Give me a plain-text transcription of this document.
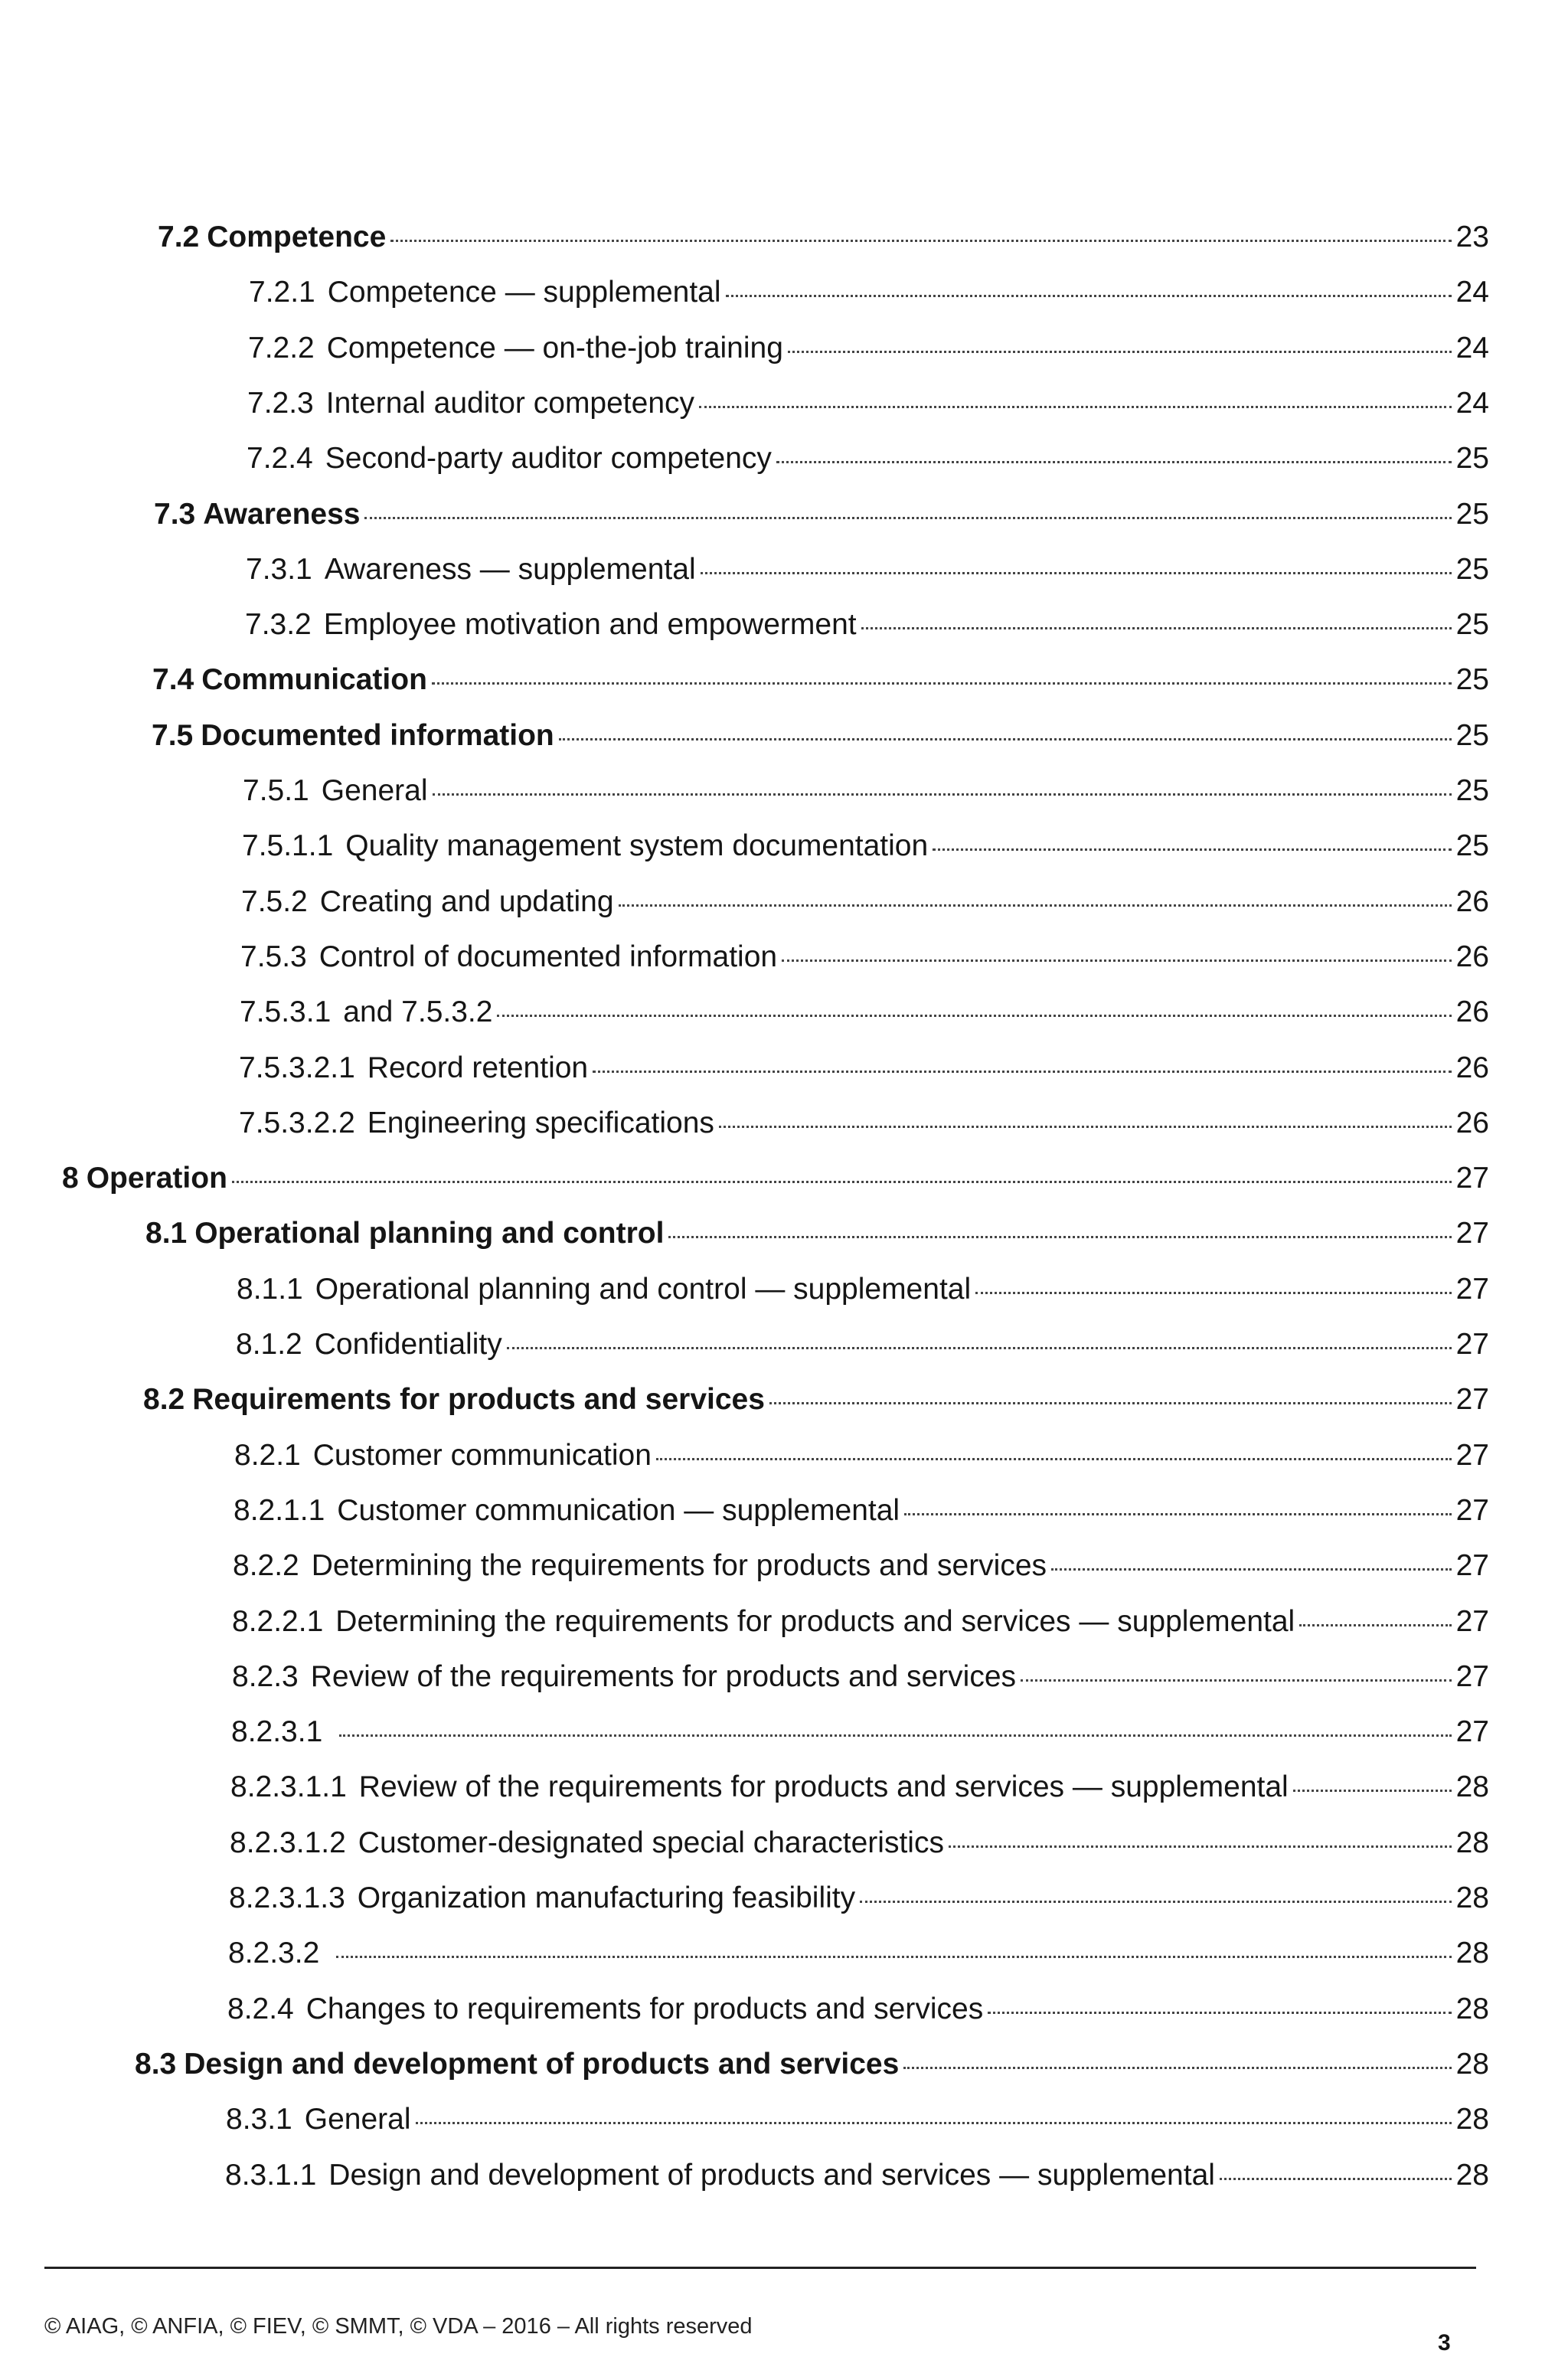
7.2 Competence	23
7.2.1 Competence — supplemental	24
7.2.2 Competence — on-the-job training	24
7.2.3 Internal auditor competency	24
7.2.4 Second-party auditor competency	25
7.3 Awareness	25
7.3.1 Awareness — supplemental	25
7.3.2 Employee motivation and empowerment	25
7.4 Communication	25
7.5 Documented information	25
7.5.1 General	25
7.5.1.1 Quality management system documentation	25
7.5.2 Creating and updating	26
7.5.3 Control of documented information	26
7.5.3.1 and 7.5.3.2	26
7.5.3.2.1 Record retention	26
7.5.3.2.2 Engineering specifications	26
8 Operation	27
8.1 Operational planning and control	27
8.1.1 Operational planning and control — supplemental	27
8.1.2 Confidentiality	27
8.2 Requirements for products and services	27
8.2.1 Customer communication	27
8.2.1.1 Customer communication — supplemental	27
8.2.2 Determining the requirements for products and services	27
8.2.2.1 Determining the requirements for products and services — supplemental	27
8.2.3 Review of the requirements for products and services	27
8.2.3.1	27
8.2.3.1.1 Review of the requirements for products and services — supplemental	28
8.2.3.1.2 Customer-designated special characteristics	28
8.2.3.1.3 Organization manufacturing feasibility	28
8.2.3.2	28
8.2.4 Changes to requirements for products and services	28
8.3 Design and development of products and services	28
8.3.1 General	28
8.3.1.1 Design and development of products and services — supplemental	28
© AIAG, © ANFIA, © FIEV, © SMMT, © VDA – 2016 – All rights reserved
3
